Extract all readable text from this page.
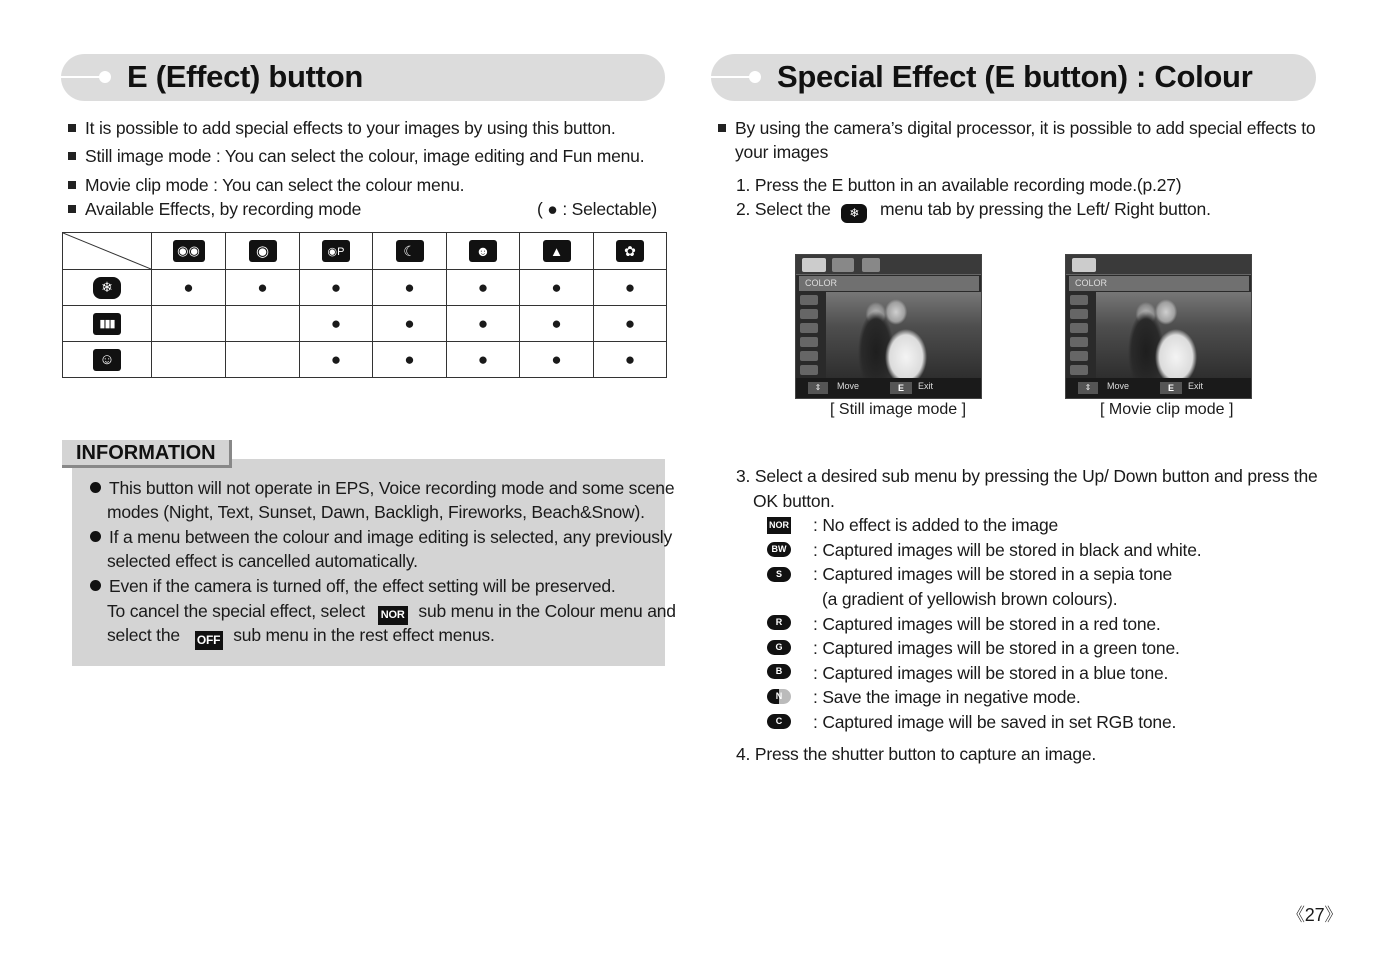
E (Effect) button	Special Effect (E button) : Colour
It is possible to add special effects to your images by using this button.
Still image mode : You can select the colour, image editing and Fun menu.
Movie clip mode : You can select the colour menu.
Available Effects, by recording mode	( ● : Selectable)
	◉◉	◉	◉P	☾	☻	▲	✿
❄	●	●	●	●	●	●	●
▮▮▮			●	●	●	●	●
☺			●	●	●	●	●
INFORMATION
This button will not operate in EPS, Voice recording mode and some scene
modes (Night, Text, Sunset, Dawn, Backligh, Fireworks, Beach&Snow).
If a menu between the colour and image editing is selected, any previously
selected effect is cancelled automatically.
Even if the camera is turned off, the effect setting will be preserved.
To cancel the special effect, select NOR sub menu in the Colour menu and
select the OFF sub menu in the rest effect menus.
By using the camera’s digital processor, it is possible to add special effects to
your images
1. Press the E button in an available recording mode.(p.27)
2. Select the ❄ menu tab by pressing the Left/ Right button.
COLOR
⇕	Move	E	Exit
[ Still image mode ]
COLOR
⇕	Move	E	Exit
[ Movie clip mode ]
3. Select a desired sub menu by pressing the Up/ Down button and press the
OK button.
NOR : No effect is added to the image
BW : Captured images will be stored in black and white.
S	: Captured images will be stored in a sepia tone
(a gradient of yellowish brown colours).
R	: Captured images will be stored in a red tone.
G	: Captured images will be stored in a green tone.
B	: Captured images will be stored in a blue tone.
N	: Save the image in negative mode.
C	: Captured image will be saved in set RGB tone.
4. Press the shutter button to capture an image.
《27》
